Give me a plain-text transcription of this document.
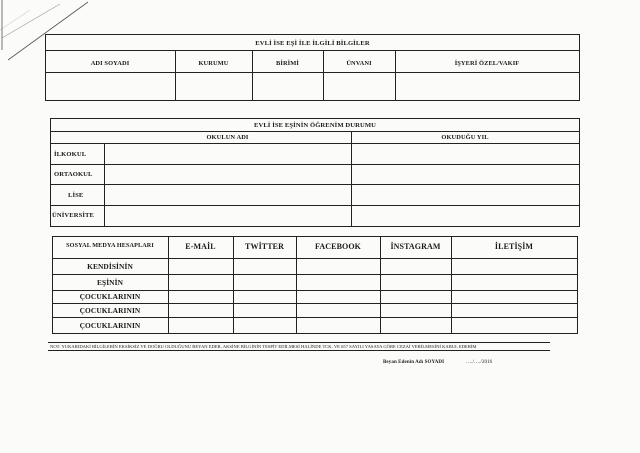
EVLİ İSE EŞİ İLE İLGİLİ BİLGİLER
ADI SOYADI	KURUMU	BİRİMİ	ÜNVANI	İŞYERİ ÖZEL/VAKIF
EVLİ İSE EŞİNİN ÖĞRENİM DURUMU
OKULUN ADI	OKUDUĞU YIL
İLKOKUL
ORTAOKUL
LİSE
ÜNİVERSİTE
SOSYAL MEDYA HESAPLARI	E-MAİL	TWİTTER	FACEBOOK	İNSTAGRAM	İLETİŞİM
KENDİSİNİN
EŞİNİN
ÇOCUKLARININ
ÇOCUKLARININ
ÇOCUKLARININ
NOT: YUKARIDAKİ BİLGİLERİN EKSİKSİZ VE DOĞRU OLDUĞUNU BEYAN EDER, AKSİNE BİLGİNİN TESPİT EDİLMESİ HALİNDE TCK. VE 657 SAYILI YASAYA GÖRE CEZAİ VERİLMESİNİ KABUL EDERİM
Beyan Edenin Adı SOYADI	…./…./2016
